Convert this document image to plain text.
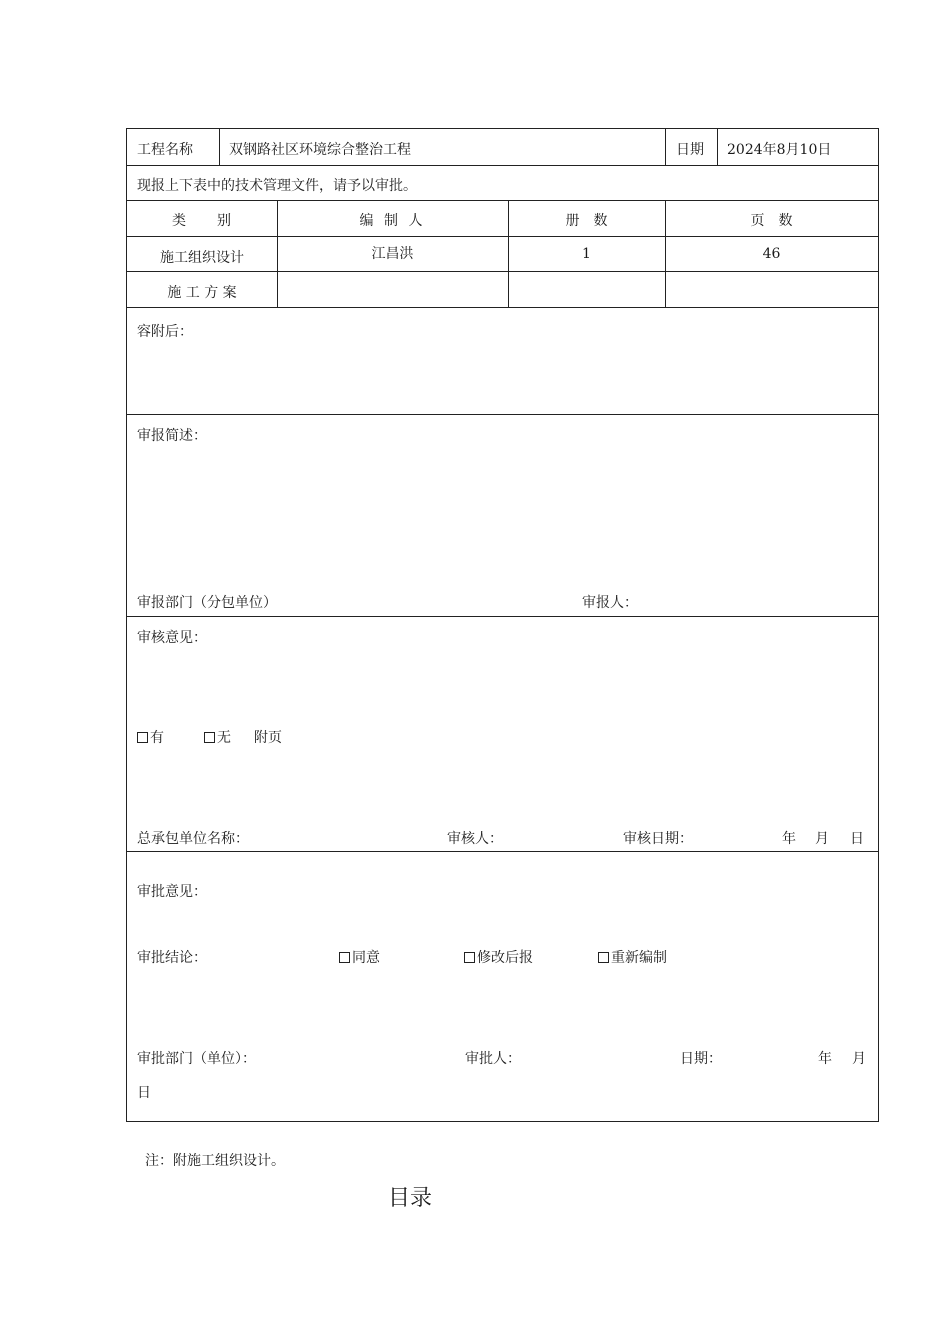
工程名称	双钢路社区环境综合整治工程	日期 2024年8月10日
现报上下表中的技术管理文件，请予以审批。
类　　别	编 制 人	册　数	页　数
施工组织设计	江昌洪	1	46
施 工 方 案
容附后：
审报简述：
审报部门（分包单位）	审报人：
审核意见：
有	无 附页
总承包单位名称：	审核人：	审核日期：	年 月 日
审批意见：
审批结论：	同意	修改后报	重新编制
审批部门（单位）：	审批人：	日期：	年 月
日
注：附施工组织设计。
目录
